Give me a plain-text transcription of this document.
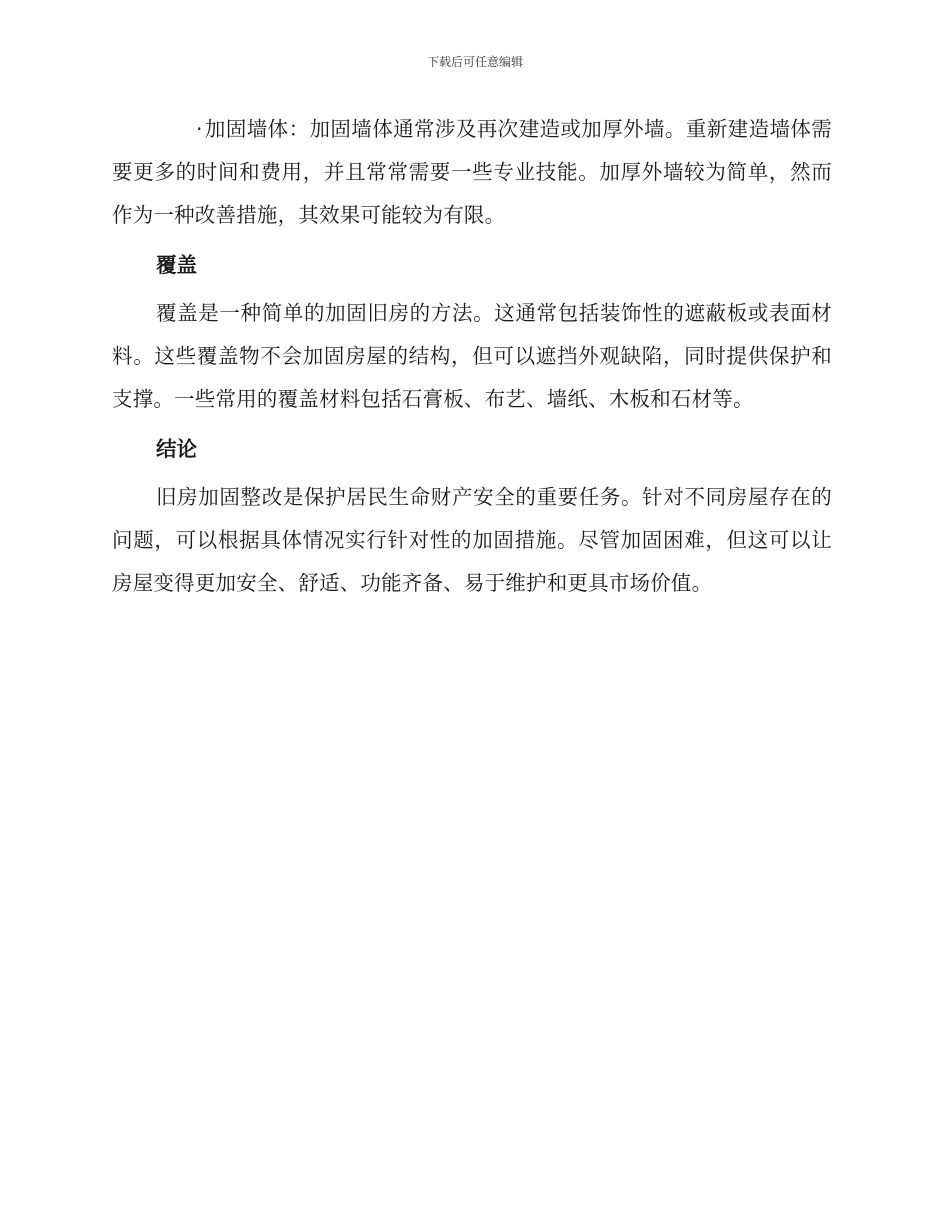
下载后可任意编辑

·加固墙体：加固墙体通常涉及再次建造或加厚外墙。重新建造墙体需要更多的时间和费用，并且常常需要一些专业技能。加厚外墙较为简单，然而作为一种改善措施，其效果可能较为有限。

覆盖

覆盖是一种简单的加固旧房的方法。这通常包括装饰性的遮蔽板或表面材料。这些覆盖物不会加固房屋的结构，但可以遮挡外观缺陷，同时提供保护和支撑。一些常用的覆盖材料包括石膏板、布艺、墙纸、木板和石材等。

结论

旧房加固整改是保护居民生命财产安全的重要任务。针对不同房屋存在的问题，可以根据具体情况实行针对性的加固措施。尽管加固困难，但这可以让房屋变得更加安全、舒适、功能齐备、易于维护和更具市场价值。
